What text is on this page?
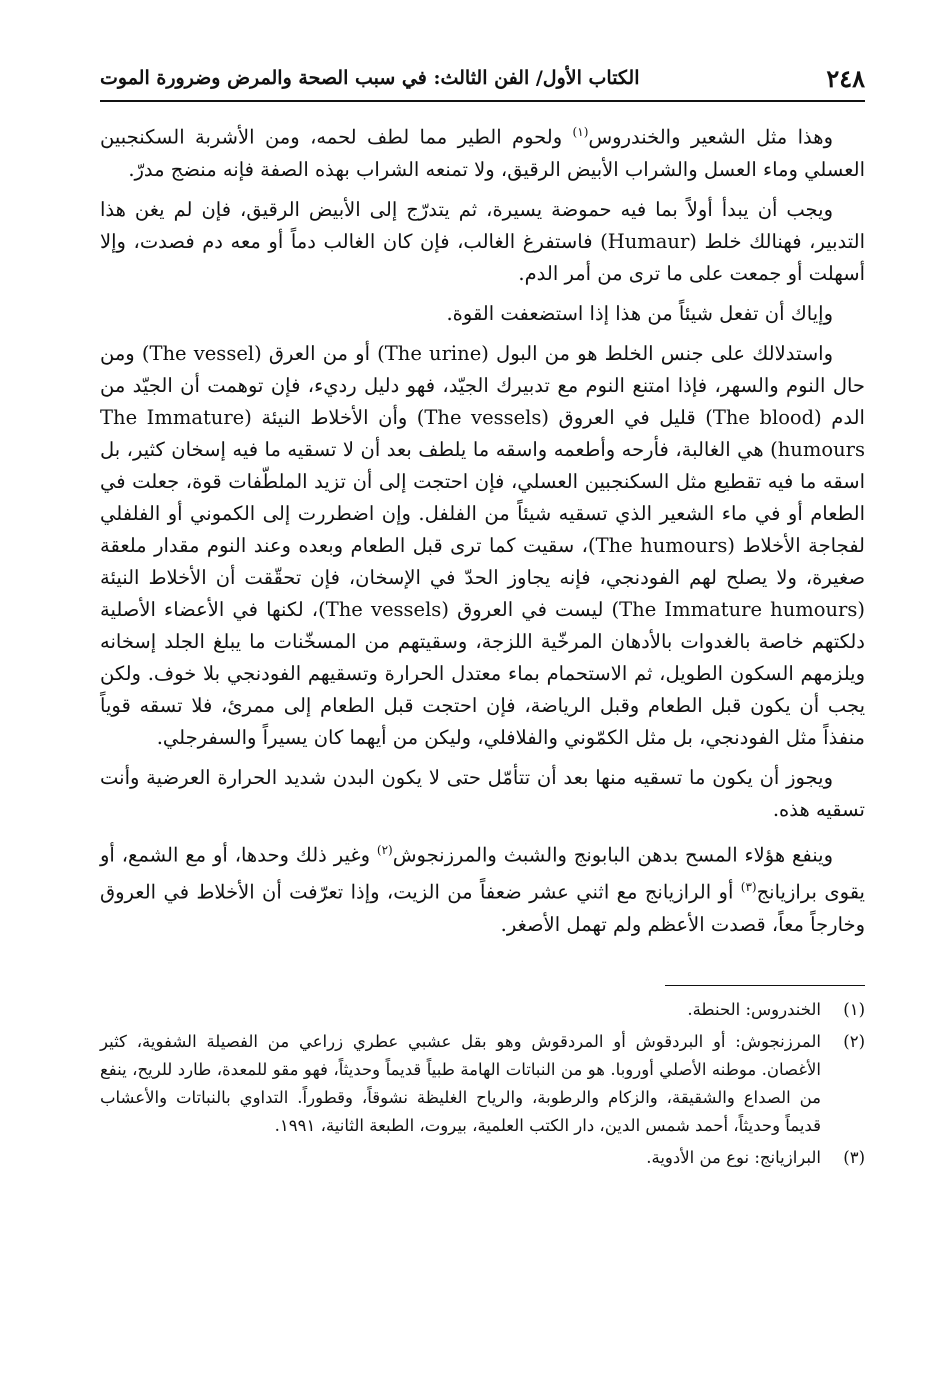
٢٤٨
الكتاب الأول/ الفن الثالث: في سبب الصحة والمرض وضرورة الموت

وهذا مثل الشعير والخندروس$^{(١)}$ ولحوم الطير مما لطف لحمه، ومن الأشربة السكنجبين العسلي وماء العسل والشراب الأبيض الرقيق، ولا تمنعه الشراب بهذه الصفة فإنه منضج مدرّ.

ويجب أن يبدأ أولاً بما فيه حموضة يسيرة، ثم يتدرّج إلى الأبيض الرقيق، فإن لم يغن هذا التدبير، فهنالك خلط (Humaur) فاستفرغ الغالب، فإن كان الغالب دماً أو معه دم فصدت، وإلا أسهلت أو جمعت على ما ترى من أمر الدم.

وإياك أن تفعل شيئاً من هذا إذا استضعفت القوة.

واستدلالك على جنس الخلط هو من البول (The urine) أو من العرق (The vessel) ومن حال النوم والسهر، فإذا امتنع النوم مع تدبيرك الجيّد، فهو دليل رديء، فإن توهمت أن الجيّد من الدم (The blood) قليل في العروق (The vessels) وأن الأخلاط النيئة (The Immature humours) هي الغالبة، فأرحه وأطعمه واسقه ما يلطف بعد أن لا تسقيه ما فيه إسخان كثير، بل اسقه ما فيه تقطيع مثل السكنجبين العسلي، فإن احتجت إلى أن تزيد الملطّفات قوة، جعلت في الطعام أو في ماء الشعير الذي تسقيه شيئاً من الفلفل. وإن اضطررت إلى الكموني أو الفلفلي لفجاجة الأخلاط (The humours)، سقيت كما ترى قبل الطعام وبعده وعند النوم مقدار ملعقة صغيرة، ولا يصلح لهم الفودنجي، فإنه يجاوز الحدّ في الإسخان، فإن تحقّقت أن الأخلاط النيئة (The Immature humours) ليست في العروق (The vessels)، لكنها في الأعضاء الأصلية دلكتهم خاصة بالغدوات بالأدهان المرخّية اللزجة، وسقيتهم من المسخّنات ما يبلغ الجلد إسخانه ويلزمهم السكون الطويل، ثم الاستحمام بماء معتدل الحرارة وتسقيهم الفودنجي بلا خوف. ولكن يجب أن يكون قبل الطعام وقبل الرياضة، فإن احتجت قبل الطعام إلى ممرئ، فلا تسقه قوياً منفذاً مثل الفودنجي، بل مثل الكمّوني والفلافلي، وليكن من أيهما كان يسيراً والسفرجلي.

ويجوز أن يكون ما تسقيه منها بعد أن تتأمّل حتى لا يكون البدن شديد الحرارة العرضية وأنت تسقيه هذه.

وينفع هؤلاء المسح بدهن البابونج والشبث والمرزنجوش$^{(٢)}$ وغير ذلك وحدها، أو مع الشمع، أو يقوى برازيانج$^{(٣)}$ أو الرازيانج مع اثني عشر ضعفاً من الزيت، وإذا تعرّفت أن الأخلاط في العروق وخارجاً معاً، قصدت الأعظم ولم تهمل الأصغر.

(١)
الخندروس: الحنطة.
(٢)
المرزنجوش: أو البردقوش أو المردقوش وهو بقل عشبي عطري زراعي من الفصيلة الشفوية، كثير الأغصان. موطنه الأصلي أوروبا. هو من النباتات الهامة طبياً قديماً وحديثاً، فهو مقو للمعدة، طارد للريح، ينفع من الصداع والشقيقة، والزكام والرطوبة، والرياح الغليظة نشوقاً، وقطوراً. التداوي بالنباتات والأعشاب قديماً وحديثاً، أحمد شمس الدين، دار الكتب العلمية، بيروت، الطبعة الثانية، ١٩٩١.
(٣)
البرازيانج: نوع من الأدوية.
